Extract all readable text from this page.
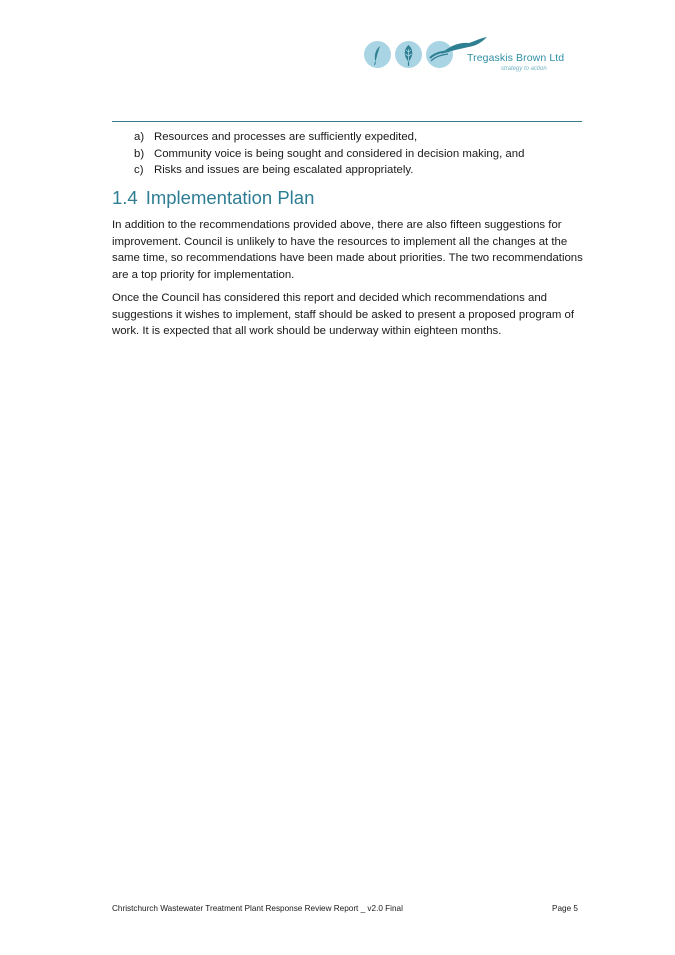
Tregaskis Brown Ltd
strategy to action
a) Resources and processes are sufficiently expedited,
b) Community voice is being sought and considered in decision making, and
c) Risks and issues are being escalated appropriately.
1.4 Implementation Plan

In addition to the recommendations provided above, there are also fifteen suggestions for improvement. Council is unlikely to have the resources to implement all the changes at the same time, so recommendations have been made about priorities. The two recommendations are a top priority for implementation.

Once the Council has considered this report and decided which recommendations and suggestions it wishes to implement, staff should be asked to present a proposed program of work. It is expected that all work should be underway within eighteen months.

Christchurch Wastewater Treatment Plant Response Review Report _ v2.0 Final	Page 5
